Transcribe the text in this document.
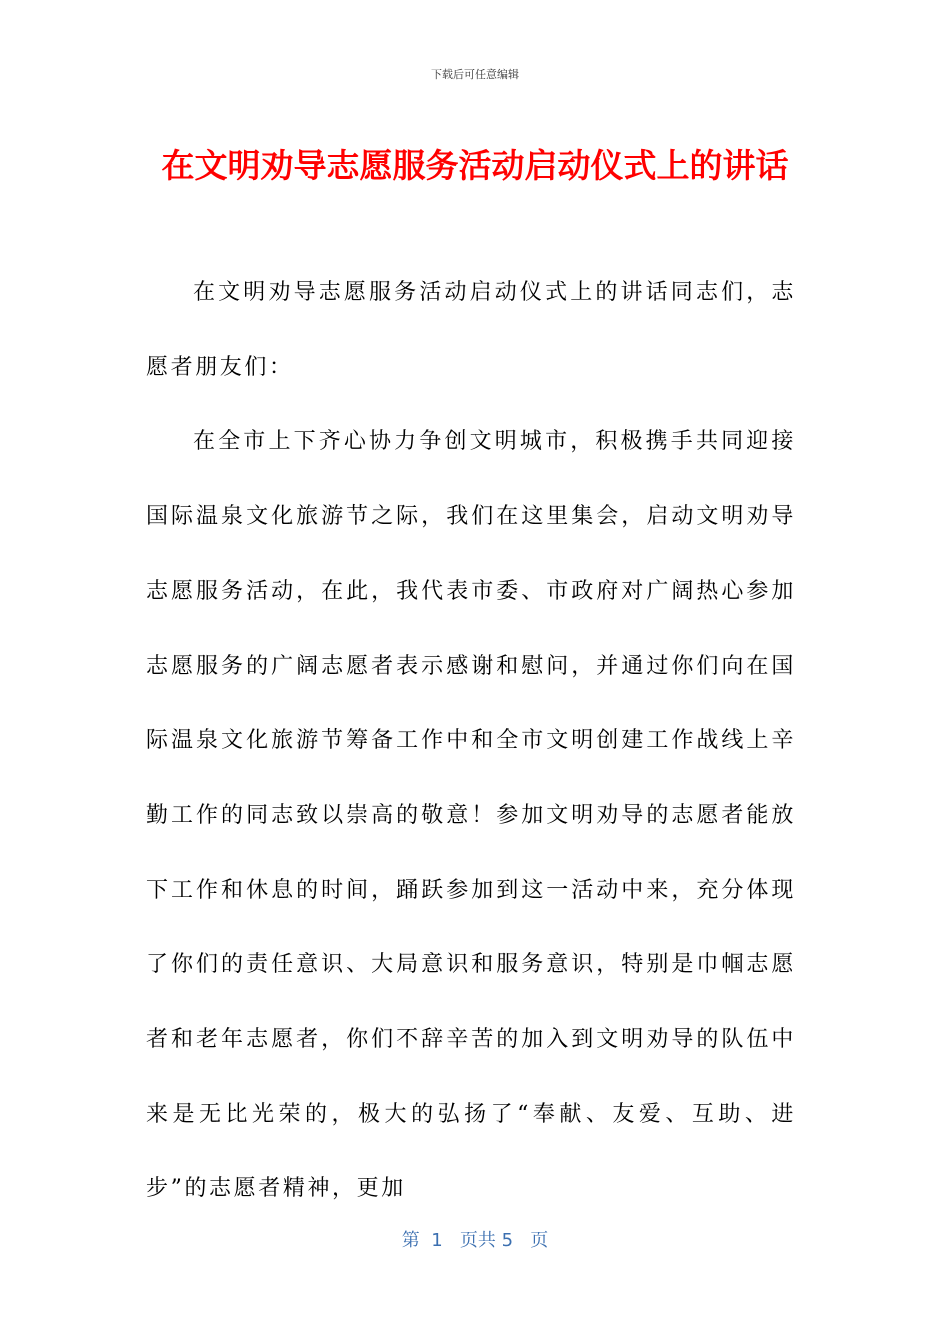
下载后可任意编辑
在文明劝导志愿服务活动启动仪式上的讲话

在文明劝导志愿服务活动启动仪式上的讲话同志们，志愿者朋友们：

在全市上下齐心协力争创文明城市，积极携手共同迎接国际温泉文化旅游节之际，我们在这里集会，启动文明劝导志愿服务活动，在此，我代表市委、市政府对广阔热心参加志愿服务的广阔志愿者表示感谢和慰问，并通过你们向在国际温泉文化旅游节筹备工作中和全市文明创建工作战线上辛勤工作的同志致以崇高的敬意！参加文明劝导的志愿者能放下工作和休息的时间，踊跃参加到这一活动中来，充分体现了你们的责任意识、大局意识和服务意识，特别是巾帼志愿者和老年志愿者，你们不辞辛苦的加入到文明劝导的队伍中来是无比光荣的，极大的弘扬了“奉献、友爱、互助、进步”的志愿者精神，更加

第  1   页共 5   页
